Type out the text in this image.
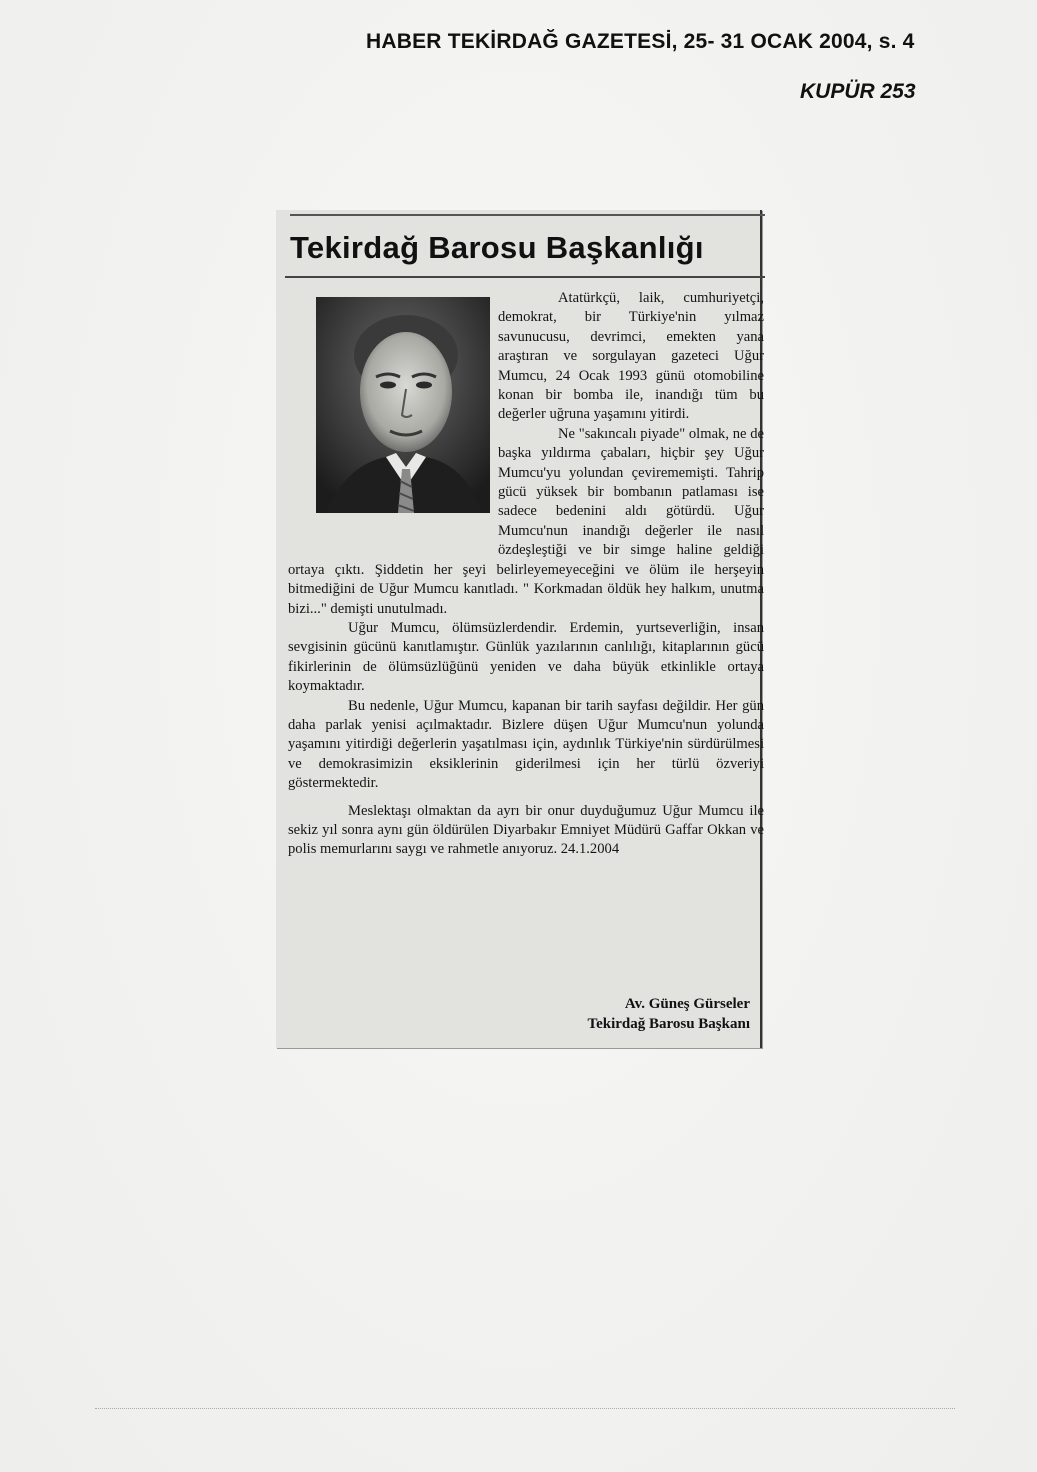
HABER TEKİRDAĞ GAZETESİ, 25- 31 OCAK 2004, s. 4
KUPÜR 253
Tekirdağ Barosu Başkanlığı

Atatürkçü, laik, cumhuriyetçi, demokrat, bir Türkiye'nin yılmaz savunucusu, devrimci, emekten yana araştıran ve sorgulayan gazeteci Uğur Mumcu, 24 Ocak 1993 günü otomobiline konan bir bomba ile, inandığı tüm bu değerler uğruna yaşamını yitirdi.

Ne "sakıncalı piyade" olmak, ne de başka yıldırma çabaları, hiçbir şey Uğur Mumcu'yu yolundan çevirememişti. Tahrip gücü yüksek bir bombanın patlaması ise sadece bedenini aldı götürdü. Uğur Mumcu'nun inandığı değerler ile nasıl özdeşleştiği ve bir simge haline geldiği ortaya çıktı. Şiddetin her şeyi belirleyemeyeceğini ve ölüm ile herşeyin bitmediğini de Uğur Mumcu kanıtladı. " Korkmadan öldük hey halkım, unutma bizi..." demişti unutulmadı.

Uğur Mumcu, ölümsüzlerdendir. Erdemin, yurtseverliğin, insan sevgisinin gücünü kanıtlamıştır. Günlük yazılarının canlılığı, kitaplarının gücü fikirlerinin de ölümsüzlüğünü yeniden ve daha büyük etkinlikle ortaya koymaktadır.

Bu nedenle, Uğur Mumcu, kapanan bir tarih sayfası değildir. Her gün daha parlak yenisi açılmaktadır. Bizlere düşen Uğur Mumcu'nun yolunda yaşamını yitirdiği değerlerin yaşatılması için, aydınlık Türkiye'nin sürdürülmesi ve demokrasimizin eksiklerinin giderilmesi için her türlü özveriyi göstermektedir.

Meslektaşı olmaktan da ayrı bir onur duyduğumuz Uğur Mumcu ile sekiz yıl sonra aynı gün öldürülen Diyarbakır Emniyet Müdürü Gaffar Okkan ve polis memurlarını saygı ve rahmetle anıyoruz. 24.1.2004

Av. Güneş Gürseler
Tekirdağ Barosu Başkanı
